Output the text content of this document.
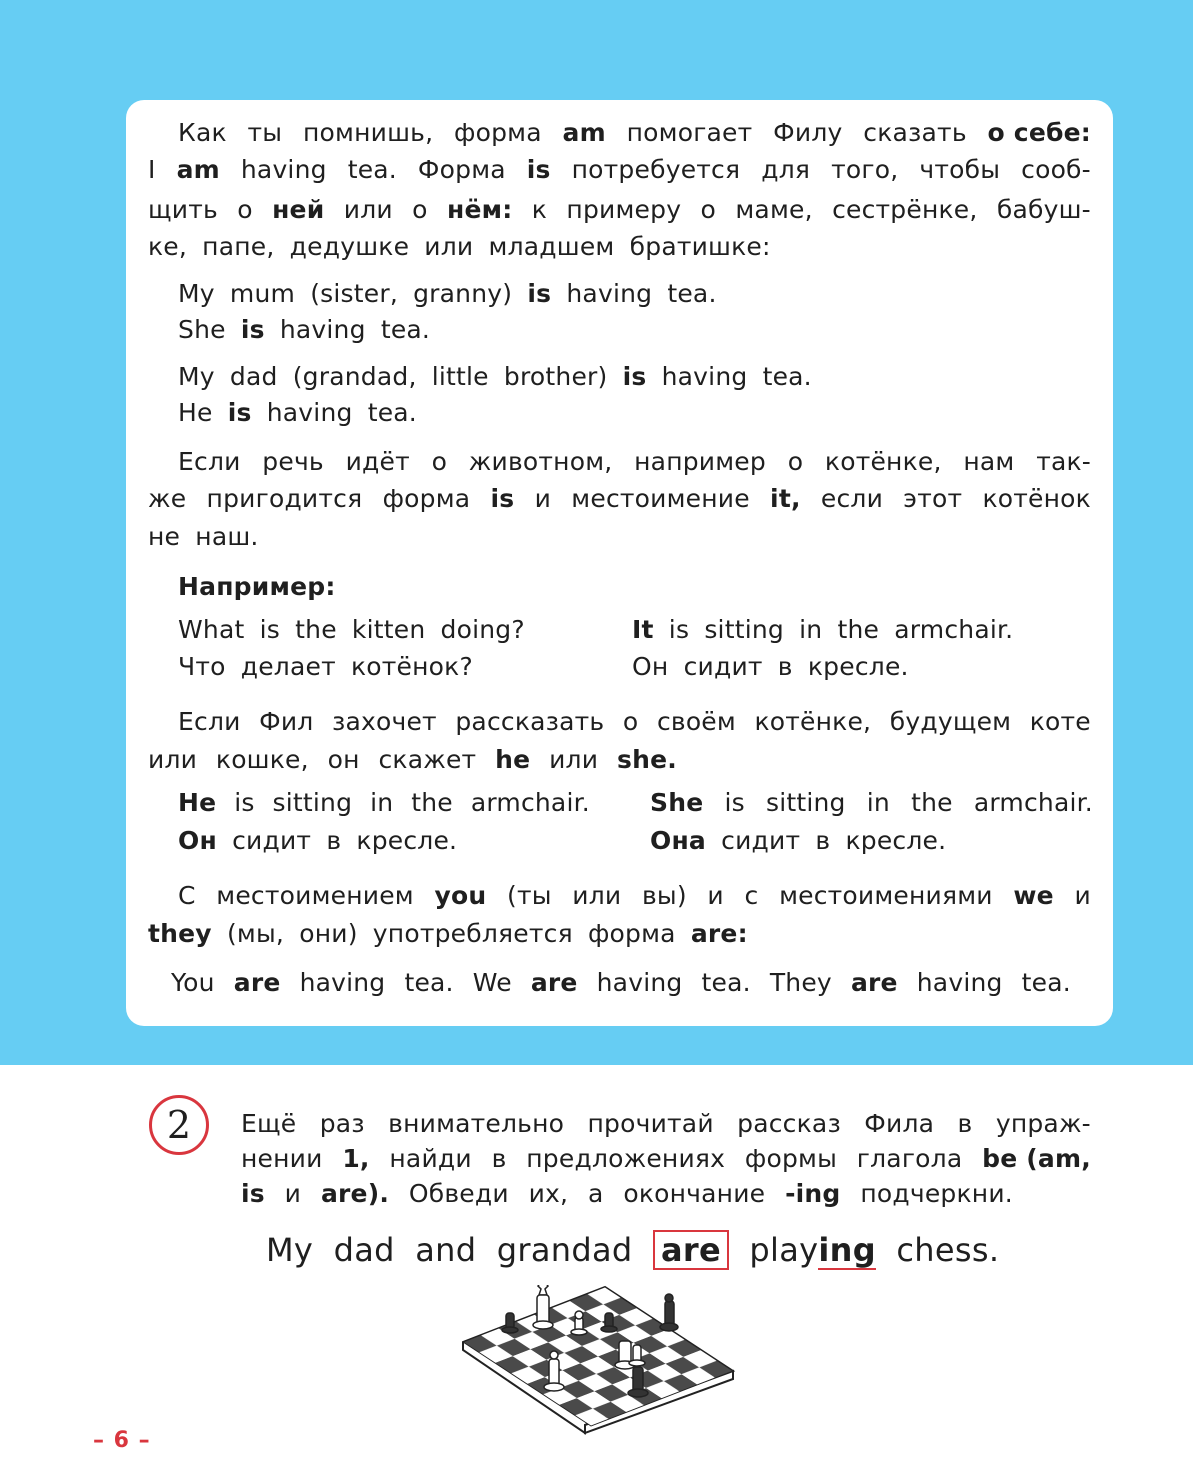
Как ты помнишь, форма am помогает Филу сказать о себе:
I am having tea. Форма is потребуется для того, чтобы сооб-
щить о ней или о нём: к примеру о маме, сестрёнке, бабуш-
ке, папе, дедушке или младшем братишке:
My mum (sister, granny) is having tea.
She is having tea.
My dad (grandad, little brother) is having tea.
He is having tea.
Если речь идёт о животном, например о котёнке, нам так-
же пригодится форма is и местоимение it, если этот котёнок
не наш.
Например:
What is the kitten doing?
Что делает котёнок?
It is sitting in the armchair.
Он сидит в кресле.
Если Фил захочет рассказать о своём котёнке, будущем коте
или кошке, он скажет he или she.
He is sitting in the armchair.
Он сидит в кресле.
She is sitting in the armchair.
Она сидит в кресле.
С местоимением you (ты или вы) и с местоимениями we и
they (мы, они) употребляется форма are:
You are having tea. We are having tea. They are having tea.
2	Ещё раз внимательно прочитай рассказ Фила в упраж-
нении 1, найди в предложениях формы глагола be (am,
is и are). Обведи их, а окончание -ing подчеркни.
My dad and grandad are playing chess.
– 6 –
